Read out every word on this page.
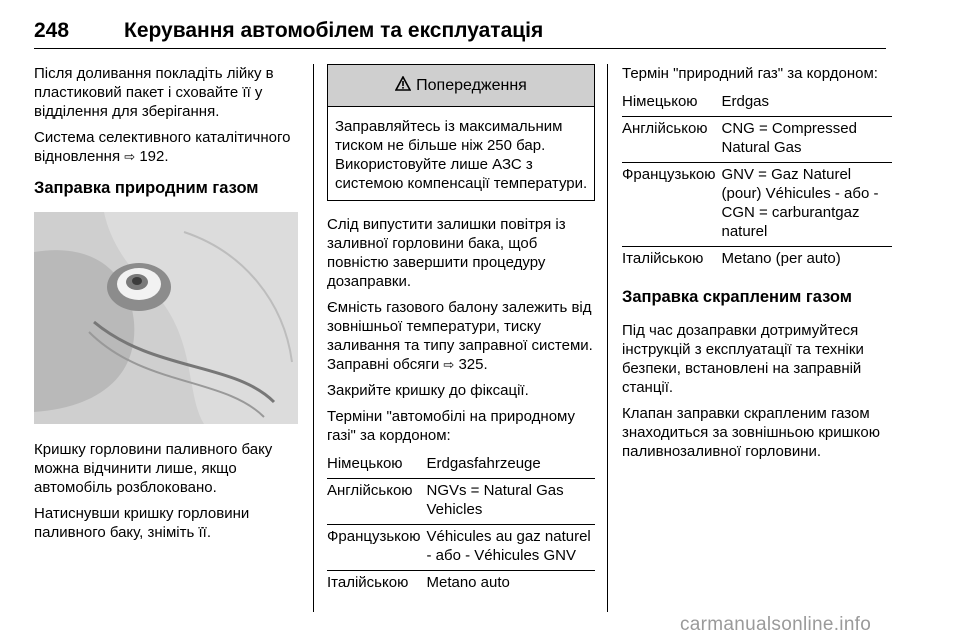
248	Керування автомобілем та експлуатація

Після доливання покладіть лійку в пластиковий пакет і сховайте її у відділення для зберігання.

Система селективного каталітичного відновлення ⇨ 192.

Заправка природним газом

Кришку горловини паливного баку можна відчинити лише, якщо автомобіль розблоковано.

Натиснувши кришку горловини паливного баку, зніміть її.

Попередження
Заправляйтесь із максимальним тиском не більше ніж 250 бар. Використовуйте лише АЗС з системою компенсації температури.

Слід випустити залишки повітря із заливної горловини бака, щоб повністю завершити процедуру дозаправки.

Ємність газового балону залежить від зовнішньої температури, тиску заливання та типу заправної системи. Заправні обсяги ⇨ 325.

Закрийте кришку до фіксації.

Терміни "автомобілі на природному газі" за кордоном:

Німецькою	Erdgasfahrzeuge
Англійською	NGVs = Natural Gas Vehicles
Французькою	Véhicules au gaz naturel - або - Véhicules GNV
Італійською	Metano auto

Термін "природний газ" за кордоном:

Німецькою	Erdgas
Англійською	CNG = Compressed Natural Gas
Французькою	GNV = Gaz Naturel (pour) Véhicules - або - CGN = carburantgaz naturel
Італійською	Metano (per auto)
Заправка скрапленим газом

Під час дозаправки дотримуйтеся інструкцій з експлуатації та техніки безпеки, встановлені на заправній станції.

Клапан заправки скрапленим газом знаходиться за зовнішньою кришкою паливнозаливної горловини.

carmanualsonline.info
